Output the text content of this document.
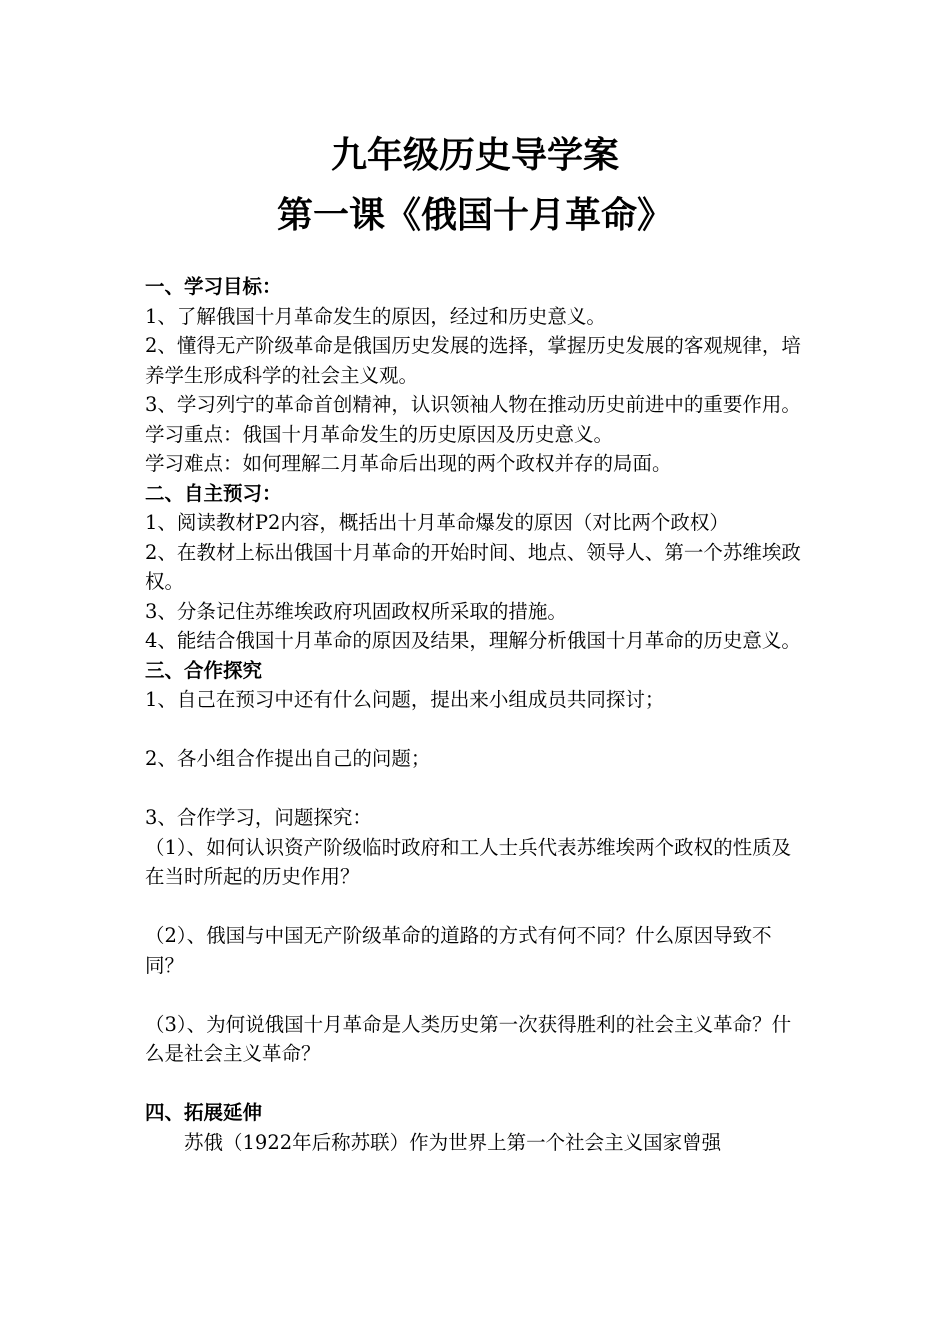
九年级历史导学案
第一课《俄国十月革命》

一、学习目标：

1、了解俄国十月革命发生的原因，经过和历史意义。

2、懂得无产阶级革命是俄国历史发展的选择，掌握历史发展的客观规律，培养学生形成科学的社会主义观。

3、学习列宁的革命首创精神，认识领袖人物在推动历史前进中的重要作用。

学习重点：俄国十月革命发生的历史原因及历史意义。

学习难点：如何理解二月革命后出现的两个政权并存的局面。

二、自主预习：

1、阅读教材P2内容，概括出十月革命爆发的原因（对比两个政权）

2、在教材上标出俄国十月革命的开始时间、地点、领导人、第一个苏维埃政权。

3、分条记住苏维埃政府巩固政权所采取的措施。

4、能结合俄国十月革命的原因及结果，理解分析俄国十月革命的历史意义。

三、合作探究

1、自己在预习中还有什么问题，提出来小组成员共同探讨；

2、各小组合作提出自己的问题；

3、合作学习，问题探究：

（1）、如何认识资产阶级临时政府和工人士兵代表苏维埃两个政权的性质及在当时所起的历史作用？

（2）、俄国与中国无产阶级革命的道路的方式有何不同？什么原因导致不同？

（3）、为何说俄国十月革命是人类历史第一次获得胜利的社会主义革命？什么是社会主义革命？

四、拓展延伸

苏俄（1922年后称苏联）作为世界上第一个社会主义国家曾强
